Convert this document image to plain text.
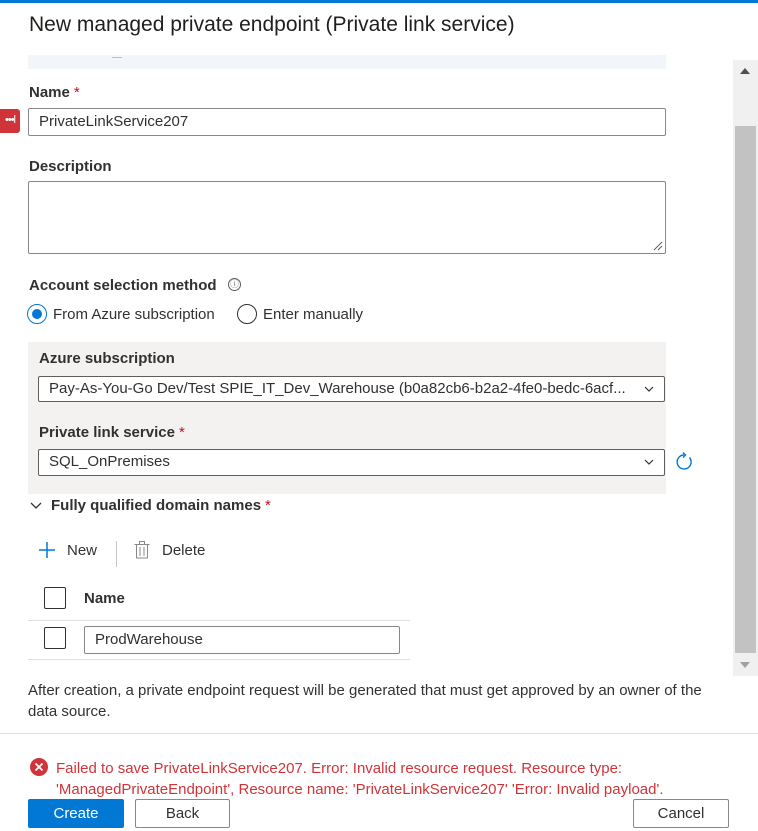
New managed private endpoint (Private link service)
Name *
•••l	PrivateLinkService207
Description
Account selection method ⓘ
From Azure subscription	Enter manually
Azure subscription
Pay-As-You-Go Dev/Test SPIE_IT_Dev_Warehouse (b0a82cb6-b2a2-4fe0-bedc-6acf...
Private link service *
SQL_OnPremises
Fully qualified domain names *
New	Delete
Name
ProdWarehouse
After creation, a private endpoint request will be generated that must get approved by an owner of the data source.
Failed to save PrivateLinkService207. Error: Invalid resource request. Resource type: 'ManagedPrivateEndpoint', Resource name: 'PrivateLinkService207' 'Error: Invalid payload'.
Create	Back	Cancel
